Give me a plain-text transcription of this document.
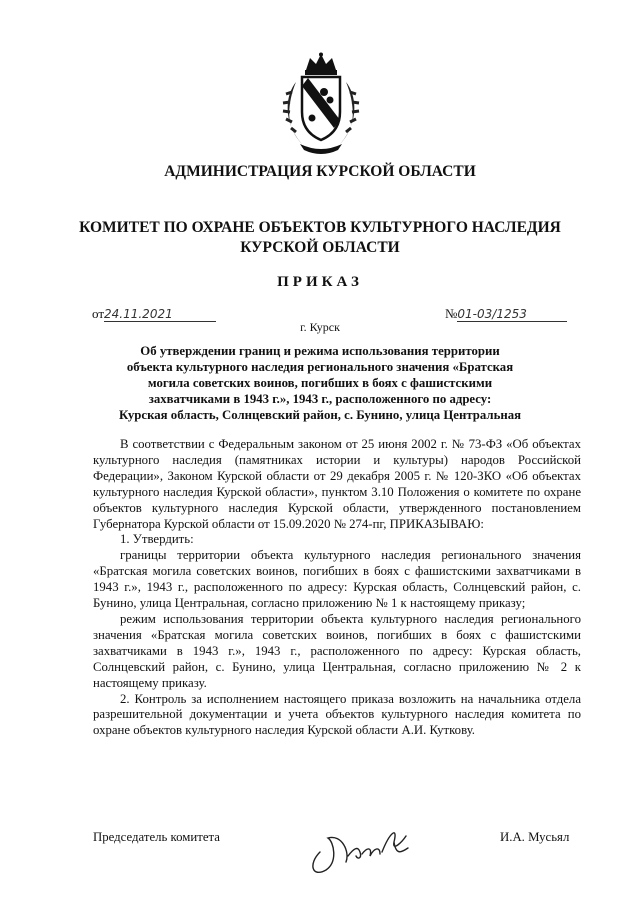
АДМИНИСТРАЦИЯ КУРСКОЙ ОБЛАСТИ
КОМИТЕТ ПО ОХРАНЕ ОБЪЕКТОВ КУЛЬТУРНОГО НАСЛЕДИЯ
КУРСКОЙ ОБЛАСТИ
ПРИКАЗ
от24.11.2021	№01-03/1253
г. Курск
Об утверждении границ и режима использования территории
объекта культурного наследия регионального значения «Братская
могила советских воинов, погибших в боях с фашистскими
захватчиками в 1943 г.», 1943 г., расположенного по адресу:
Курская область, Солнцевский район, с. Бунино, улица Центральная

В соответствии с Федеральным законом от 25 июня 2002 г. № 73-ФЗ «Об объектах культурного наследия (памятниках истории и культуры) народов Российской Федерации», Законом Курской области от 29 декабря 2005 г. № 120-ЗКО «Об объектах культурного наследия Курской области», пунктом 3.10 Положения о комитете по охране объектов культурного наследия Курской области, утвержденного постановлением Губернатора Курской области от 15.09.2020 № 274-пг, ПРИКАЗЫВАЮ:

1. Утвердить:

границы территории объекта культурного наследия регионального значения «Братская могила советских воинов, погибших в боях с фашистскими захватчиками в 1943 г.», 1943 г., расположенного по адресу: Курская область, Солнцевский район, с. Бунино, улица Центральная, согласно приложению № 1 к настоящему приказу;

режим использования территории объекта культурного наследия регионального значения «Братская могила советских воинов, погибших в боях с фашистскими захватчиками в 1943 г.», 1943 г., расположенного по адресу: Курская область, Солнцевский район, с. Бунино, улица Центральная, согласно приложению № 2 к настоящему приказу.

2. Контроль за исполнением настоящего приказа возложить на начальника отдела разрешительной документации и учета объектов культурного наследия комитета по охране объектов культурного наследия Курской области А.И. Куткову.

Председатель комитета	И.А. Мусьял
